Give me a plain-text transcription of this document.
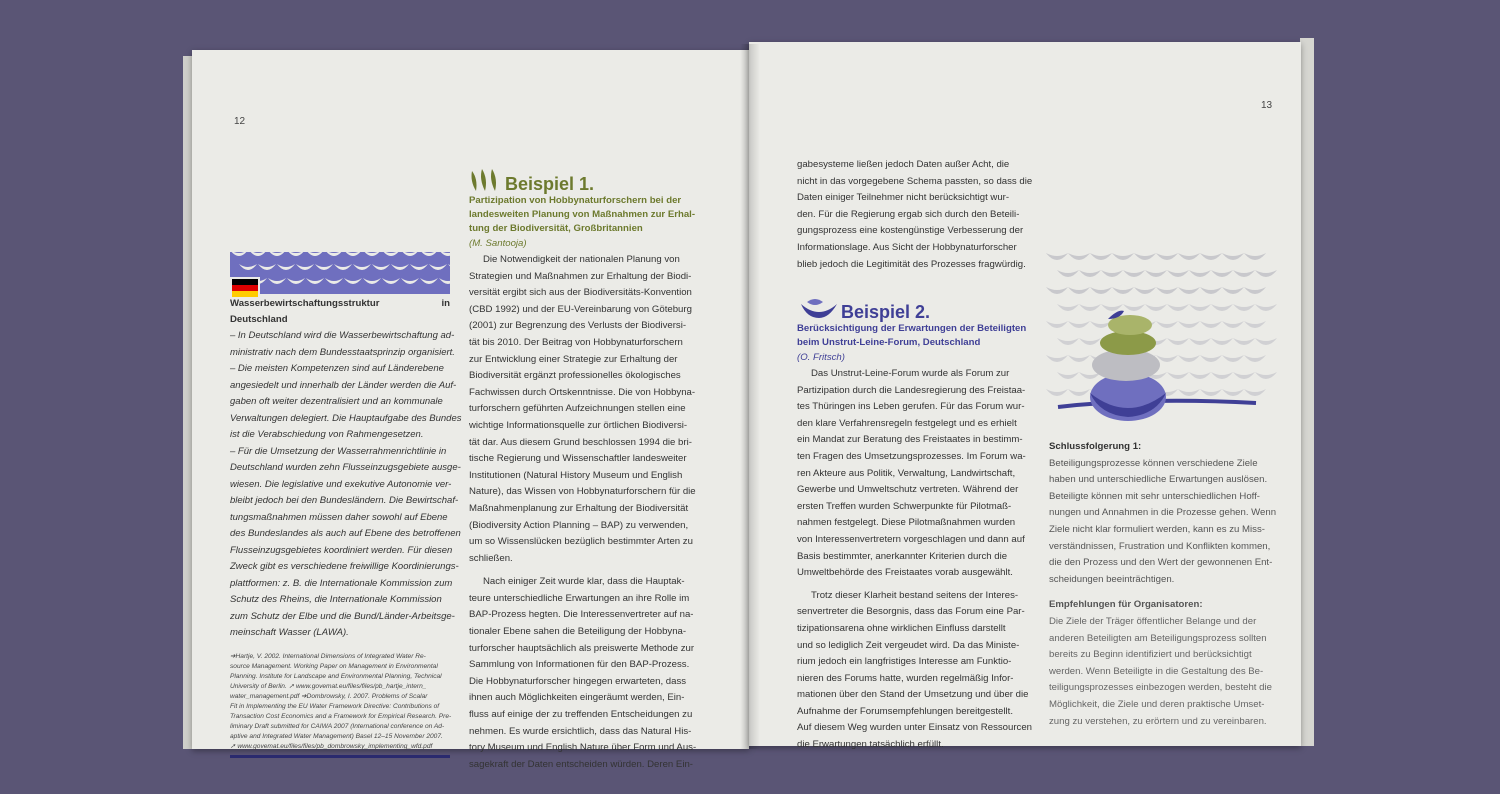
12
Wasserbewirtschaftungsstruktur in Deutschland
– In Deutschland wird die Wasserbewirtschaftung ad-
ministrativ nach dem Bundesstaatsprinzip organisiert.
– Die meisten Kompetenzen sind auf Länderebene
angesiedelt und innerhalb der Länder werden die Auf-
gaben oft weiter dezentralisiert und an kommunale
Verwaltungen delegiert. Die Hauptaufgabe des Bundes
ist die Verabschiedung von Rahmengesetzen.
– Für die Umsetzung der Wasserrahmenrichtlinie in
Deutschland wurden zehn Flusseinzugsgebiete ausge-
wiesen. Die legislative und exekutive Autonomie ver-
bleibt jedoch bei den Bundesländern. Die Bewirtschaf-
tungsmaßnahmen müssen daher sowohl auf Ebene
des Bundeslandes als auch auf Ebene des betroffenen
Flusseinzugsgebietes koordiniert werden. Für diesen
Zweck gibt es verschiedene freiwillige Koordinierungs-
plattformen: z. B. die Internationale Kommission zum
Schutz des Rheins, die Internationale Kommission
zum Schutz der Elbe und die Bund/Länder-Arbeitsge-
meinschaft Wasser (LAWA).
➔Hartje, V. 2002. International Dimensions of Integrated Water Re-
source Management. Working Paper on Management in Environmental
Planning. Institute for Landscape and Environmental Planning, Technical
University of Berlin. ➚ www.govemat.eu/files/files/pb_hartje_intern_
water_management.pdf ➔Dombrowsky, I. 2007. Problems of Scalar
Fit in Implementing the EU Water Framework Directive: Contributions of
Transaction Cost Economics and a Framework for Empirical Research. Pre-
liminary Draft submitted for CAIWA 2007 (International conference on Ad-
aptive and Integrated Water Management) Basel 12–15 November 2007.
➚ www.govemat.eu/files/files/pb_dombrowsky_implementing_wfd.pdf
Beispiel 1.
Partizipation von Hobbynaturforschern bei der
landesweiten Planung von Maßnahmen zur Erhal-
tung der Biodiversität, Großbritannien
(M. Santooja)
Die Notwendigkeit der nationalen Planung von
Strategien und Maßnahmen zur Erhaltung der Biodi-
versität ergibt sich aus der Biodiversitäts-Konvention
(CBD 1992) und der EU-Vereinbarung von Göteburg
(2001) zur Begrenzung des Verlusts der Biodiversi-
tät bis 2010. Der Beitrag von Hobbynaturforschern
zur Entwicklung einer Strategie zur Erhaltung der
Biodiversität ergänzt professionelles ökologisches
Fachwissen durch Ortskenntnisse. Die von Hobbyna-
turforschern geführten Aufzeichnungen stellen eine
wichtige Informationsquelle zur örtlichen Biodiversi-
tät dar. Aus diesem Grund beschlossen 1994 die bri-
tische Regierung und Wissenschaftler landesweiter
Institutionen (Natural History Museum und English
Nature), das Wissen von Hobbynaturforschern für die
Maßnahmenplanung zur Erhaltung der Biodiversität
(Biodiversity Action Planning – BAP) zu verwenden,
um so Wissenslücken bezüglich bestimmter Arten zu
schließen.
Nach einiger Zeit wurde klar, dass die Hauptak-
teure unterschiedliche Erwartungen an ihre Rolle im
BAP-Prozess hegten. Die Interessenvertreter auf na-
tionaler Ebene sahen die Beteiligung der Hobbyna-
turforscher hauptsächlich als preiswerte Methode zur
Sammlung von Informationen für den BAP-Prozess.
Die Hobbynaturforscher hingegen erwarteten, dass
ihnen auch Möglichkeiten eingeräumt werden, Ein-
fluss auf einige der zu treffenden Entscheidungen zu
nehmen. Es wurde ersichtlich, dass das Natural His-
tory Museum und English Nature über Form und Aus-
sagekraft der Daten entscheiden würden. Deren Ein-
13
gabesysteme ließen jedoch Daten außer Acht, die
nicht in das vorgegebene Schema passten, so dass die
Daten einiger Teilnehmer nicht berücksichtigt wur-
den. Für die Regierung ergab sich durch den Beteili-
gungsprozess eine kostengünstige Verbesserung der
Informationslage. Aus Sicht der Hobbynaturforscher
blieb jedoch die Legitimität des Prozesses fragwürdig.
Beispiel 2.
Berücksichtigung der Erwartungen der Beteiligten
beim Unstrut-Leine-Forum, Deutschland
(O. Fritsch)
Das Unstrut-Leine-Forum wurde als Forum zur
Partizipation durch die Landesregierung des Freistaa-
tes Thüringen ins Leben gerufen. Für das Forum wur-
den klare Verfahrensregeln festgelegt und es erhielt
ein Mandat zur Beratung des Freistaates in bestimm-
ten Fragen des Umsetzungsprozesses. Im Forum wa-
ren Akteure aus Politik, Verwaltung, Landwirtschaft,
Gewerbe und Umweltschutz vertreten. Während der
ersten Treffen wurden Schwerpunkte für Pilotmaß-
nahmen festgelegt. Diese Pilotmaßnahmen wurden
von Interessenvertretern vorgeschlagen und dann auf
Basis bestimmter, anerkannter Kriterien durch die
Umweltbehörde des Freistaates vorab ausgewählt.
Trotz dieser Klarheit bestand seitens der Interes-
senvertreter die Besorgnis, dass das Forum eine Par-
tizipationsarena ohne wirklichen Einfluss darstellt
und so lediglich Zeit vergeudet wird. Da das Ministe-
rium jedoch ein langfristiges Interesse am Funktio-
nieren des Forums hatte, wurden regelmäßig Infor-
mationen über den Stand der Umsetzung und über die
Aufnahme der Forumsempfehlungen bereitgestellt.
Auf diesem Weg wurden unter Einsatz von Ressourcen
die Erwartungen tatsächlich erfüllt.
Schlussfolgerung 1:
Beteiligungsprozesse können verschiedene Ziele
haben und unterschiedliche Erwartungen auslösen.
Beteiligte können mit sehr unterschiedlichen Hoff-
nungen und Annahmen in die Prozesse gehen. Wenn
Ziele nicht klar formuliert werden, kann es zu Miss-
verständnissen, Frustration und Konflikten kommen,
die den Prozess und den Wert der gewonnenen Ent-
scheidungen beeinträchtigen.
Empfehlungen für Organisatoren:
Die Ziele der Träger öffentlicher Belange und der
anderen Beteiligten am Beteiligungsprozess sollten
bereits zu Beginn identifiziert und berücksichtigt
werden. Wenn Beteiligte in die Gestaltung des Be-
teiligungsprozesses einbezogen werden, besteht die
Möglichkeit, die Ziele und deren praktische Umset-
zung zu verstehen, zu erörtern und zu vereinbaren.
